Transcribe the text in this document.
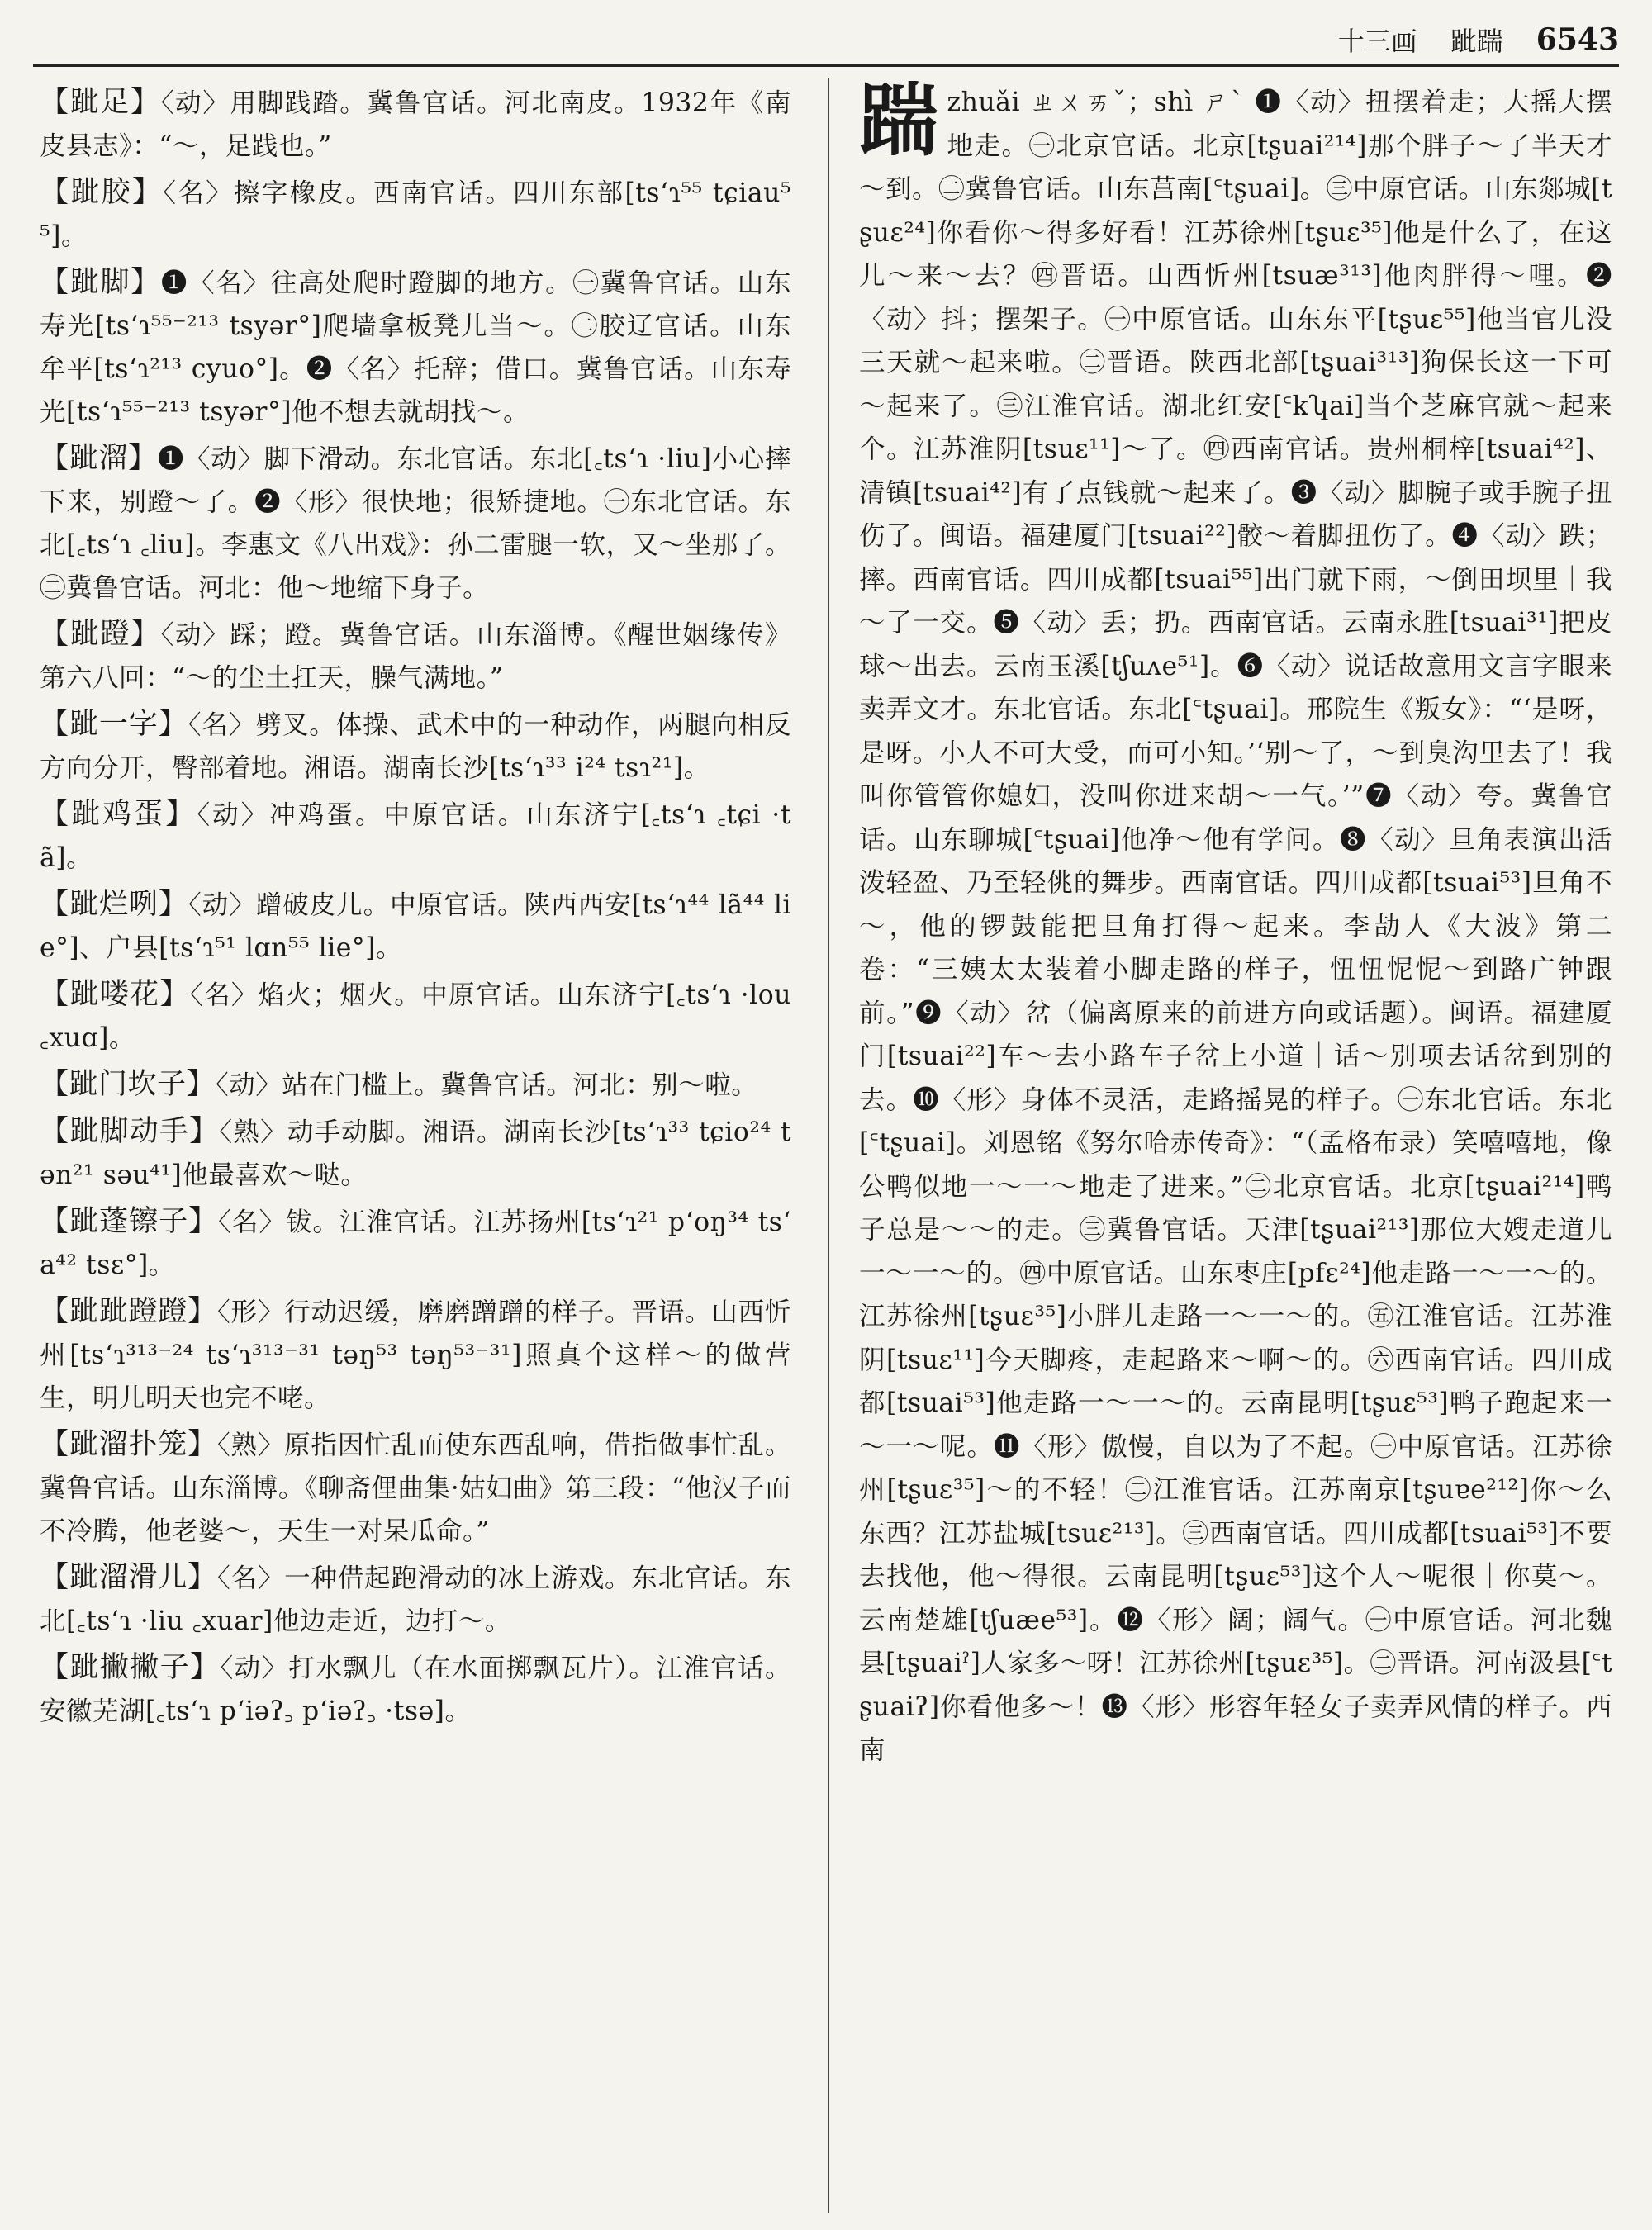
十三画 跐踹 6543

【跐足】〈动〉用脚践踏。冀鲁官话。河北南皮。1932年《南皮县志》：“～，足践也。”

【跐胶】〈名〉擦字橡皮。西南官话。四川东部[tsʻɿ⁵⁵ tɕiau⁵⁵]。

【跐脚】❶〈名〉往高处爬时蹬脚的地方。㊀冀鲁官话。山东寿光[tsʻɿ⁵⁵⁻²¹³ tsyər°]爬墙拿板凳儿当～。㊁胶辽官话。山东牟平[tsʻɿ²¹³ cyuo°]。❷〈名〉托辞；借口。冀鲁官话。山东寿光[tsʻɿ⁵⁵⁻²¹³ tsyər°]他不想去就胡找～。

【跐溜】❶〈动〉脚下滑动。东北官话。东北[꜀tsʻɿ ·liu]小心摔下来，别蹬～了。❷〈形〉很快地；很矫捷地。㊀东北官话。东北[꜀tsʻɿ ꜀liu]。李惠文《八出戏》：孙二雷腿一软，又～坐那了。㊁冀鲁官话。河北：他～地缩下身子。

【跐蹬】〈动〉踩；蹬。冀鲁官话。山东淄博。《醒世姻缘传》第六八回：“～的尘土扛天，臊气满地。”

【跐一字】〈名〉劈叉。体操、武术中的一种动作，两腿向相反方向分开，臀部着地。湘语。湖南长沙[tsʻɿ³³ i²⁴ tsɿ²¹]。

【跐鸡蛋】〈动〉冲鸡蛋。中原官话。山东济宁[꜀tsʻɿ ꜀tɕi ·tã]。

【跐烂咧】〈动〉蹭破皮儿。中原官话。陕西西安[tsʻɿ⁴⁴ lã⁴⁴ lie°]、户县[tsʻɿ⁵¹ lɑn⁵⁵ lie°]。

【跐喽花】〈名〉焰火；烟火。中原官话。山东济宁[꜀tsʻɿ ·lou ꜀xuɑ]。

【跐门坎子】〈动〉站在门槛上。冀鲁官话。河北：别～啦。

【跐脚动手】〈熟〉动手动脚。湘语。湖南长沙[tsʻɿ³³ tɕio²⁴ tən²¹ səu⁴¹]他最喜欢～哒。

【跐蓬镲子】〈名〉钹。江淮官话。江苏扬州[tsʻɿ²¹ pʻoŋ³⁴ tsʻa⁴² tsɛ°]。

【跐跐蹬蹬】〈形〉行动迟缓，磨磨蹭蹭的样子。晋语。山西忻州[tsʻɿ³¹³⁻²⁴ tsʻɿ³¹³⁻³¹ təŋ⁵³ təŋ⁵³⁻³¹]照真个这样～的做营生，明儿明天也完不咾。

【跐溜扑笼】〈熟〉原指因忙乱而使东西乱响，借指做事忙乱。冀鲁官话。山东淄博。《聊斋俚曲集·姑妇曲》第三段：“他汉子而不冷腾，他老婆～，天生一对呆瓜命。”

【跐溜滑儿】〈名〉一种借起跑滑动的冰上游戏。东北官话。东北[꜀tsʻɿ ·liu ꜀xuar]他边走近，边打～。

【跐撇撇子】〈动〉打水飘儿（在水面掷飘瓦片）。江淮官话。安徽芜湖[꜀tsʻɿ pʻiəʔ꜆ pʻiəʔ꜆ ·tsə]。

踹zhuǎi ㄓㄨㄞˇ；shì ㄕˋ ❶〈动〉扭摆着走；大摇大摆地走。㊀北京官话。北京[tʂuai²¹⁴]那个胖子～了半天才～到。㊁冀鲁官话。山东莒南[꜂tʂuai]。㊂中原官话。山东郯城[tʂuɛ²⁴]你看你～得多好看！江苏徐州[tʂuɛ³⁵]他是什么了，在这儿～来～去？㊃晋语。山西忻州[tsuæ³¹³]他肉胖得～哩。❷〈动〉抖；摆架子。㊀中原官话。山东东平[tʂuɛ⁵⁵]他当官儿没三天就～起来啦。㊁晋语。陕西北部[tʂuai³¹³]狗保长这一下可～起来了。㊂江淮官话。湖北红安[꜂kʮai]当个芝麻官就～起来个。江苏淮阴[tsuɛ¹¹]～了。㊃西南官话。贵州桐梓[tsuai⁴²]、清镇[tsuai⁴²]有了点钱就～起来了。❸〈动〉脚腕子或手腕子扭伤了。闽语。福建厦门[tsuai²²]骹～着脚扭伤了。❹〈动〉跌；摔。西南官话。四川成都[tsuai⁵⁵]出门就下雨，～倒田坝里｜我～了一交。❺〈动〉丢；扔。西南官话。云南永胜[tsuai³¹]把皮球～出去。云南玉溪[tʃuʌe⁵¹]。❻〈动〉说话故意用文言字眼来卖弄文才。东北官话。东北[꜂tʂuai]。邢院生《叛女》：“‘是呀，是呀。小人不可大受，而可小知。’‘别～了，～到臭沟里去了！我叫你管管你媳妇，没叫你进来胡～一气。’”❼〈动〉夸。冀鲁官话。山东聊城[꜂tʂuai]他净～他有学问。❽〈动〉旦角表演出活泼轻盈、乃至轻佻的舞步。西南官话。四川成都[tsuai⁵³]旦角不～，他的锣鼓能把旦角打得～起来。李劼人《大波》第二卷：“三姨太太装着小脚走路的样子，忸忸怩怩～到路广钟跟前。”❾〈动〉岔（偏离原来的前进方向或话题）。闽语。福建厦门[tsuai²²]车～去小路车子岔上小道｜话～别项去话岔到别的去。❿〈形〉身体不灵活，走路摇晃的样子。㊀东北官话。东北[꜂tʂuai]。刘恩铭《努尔哈赤传奇》：“（孟格布录）笑嘻嘻地，像公鸭似地一～一～地走了进来。”㊁北京官话。北京[tʂuai²¹⁴]鸭子总是～～的走。㊂冀鲁官话。天津[tʂuai²¹³]那位大嫂走道儿一～一～的。㊃中原官话。山东枣庄[pfɛ²⁴]他走路一～一～的。江苏徐州[tʂuɛ³⁵]小胖儿走路一～一～的。㊄江淮官话。江苏淮阴[tsuɛ¹¹]今天脚疼，走起路来～啊～的。㊅西南官话。四川成都[tsuai⁵³]他走路一～一～的。云南昆明[tʂuɛ⁵³]鸭子跑起来一～一～呢。⓫〈形〉傲慢，自以为了不起。㊀中原官话。江苏徐州[tʂuɛ³⁵]～的不轻！㊁江淮官话。江苏南京[tʂuɐe²¹²]你～么东西？江苏盐城[tsuɛ²¹³]。㊂西南官话。四川成都[tsuai⁵³]不要去找他，他～得很。云南昆明[tʂuɛ⁵³]这个人～呢很｜你莫～。云南楚雄[tʃuæe⁵³]。⓬〈形〉阔；阔气。㊀中原官话。河北魏县[tʂuaiˀ]人家多～呀！江苏徐州[tʂuɛ³⁵]。㊁晋语。河南汲县[꜂tʂuaiʔ]你看他多～！⓭〈形〉形容年轻女子卖弄风情的样子。西南
